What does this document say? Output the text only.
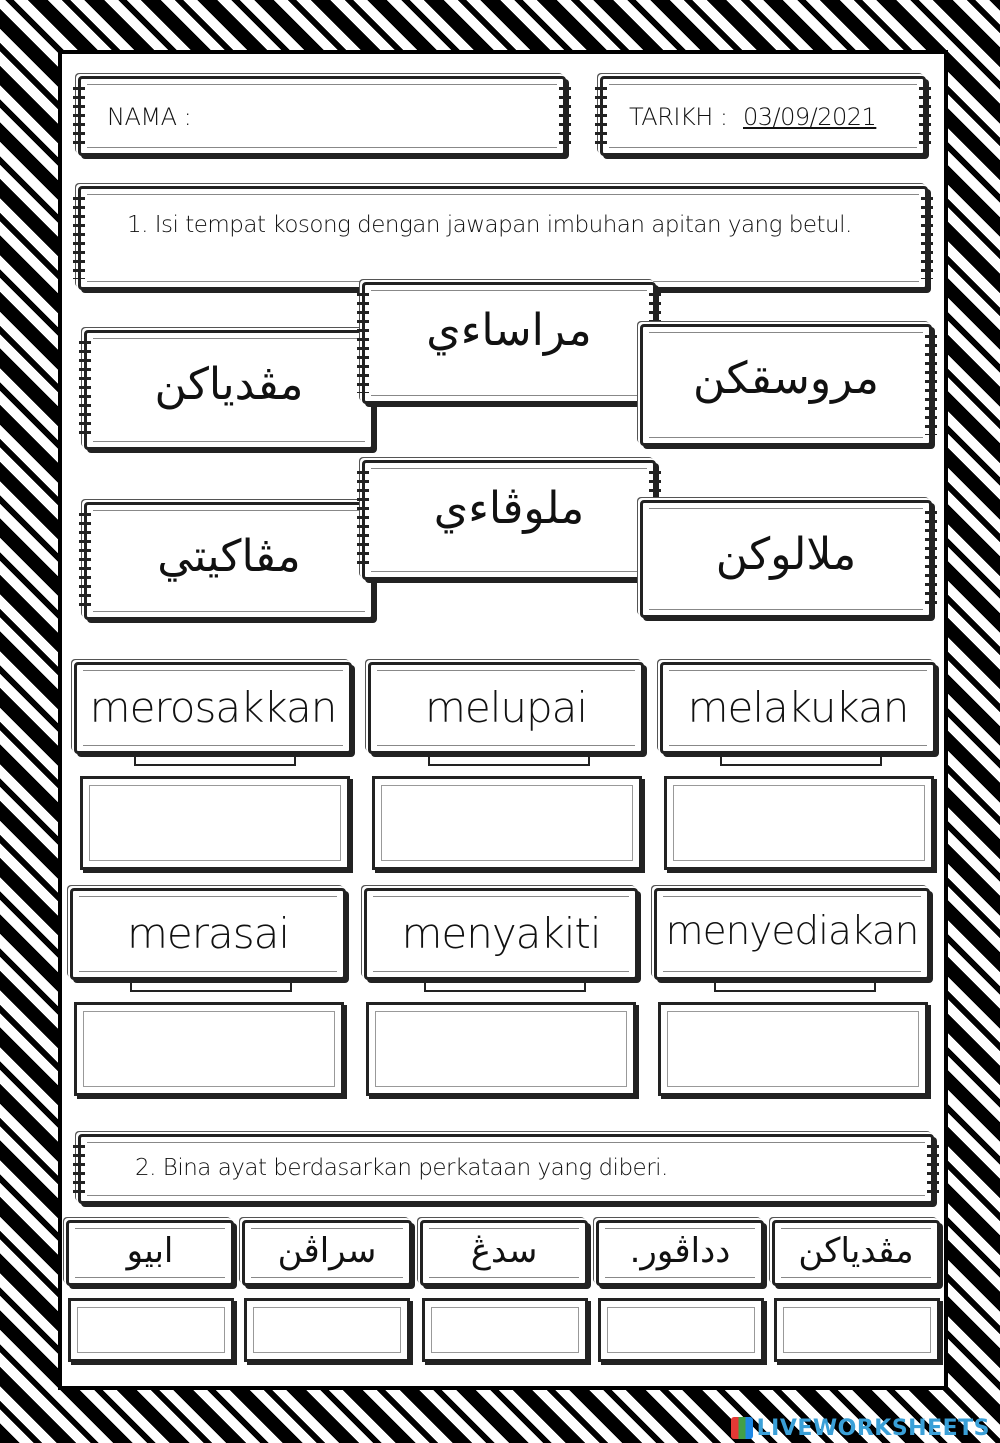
NAMA :	TARIKH : 03/09/2021
1. Isi tempat kosong dengan jawapan imbuhan apitan yang betul.
مڤدياكن
مراساءي
مروسقكن
مڤاكيتي
ملوڤاءي
ملالوكن
merosakkan	melupai	melakukan
merasai	menyakiti	menyediakan
2. Bina ayat berdasarkan perkataan yang diberi.
ابيو	سراڤن	سدڠ	دداڤور.	مڤدياكن
LIVEWORKSHEETS
